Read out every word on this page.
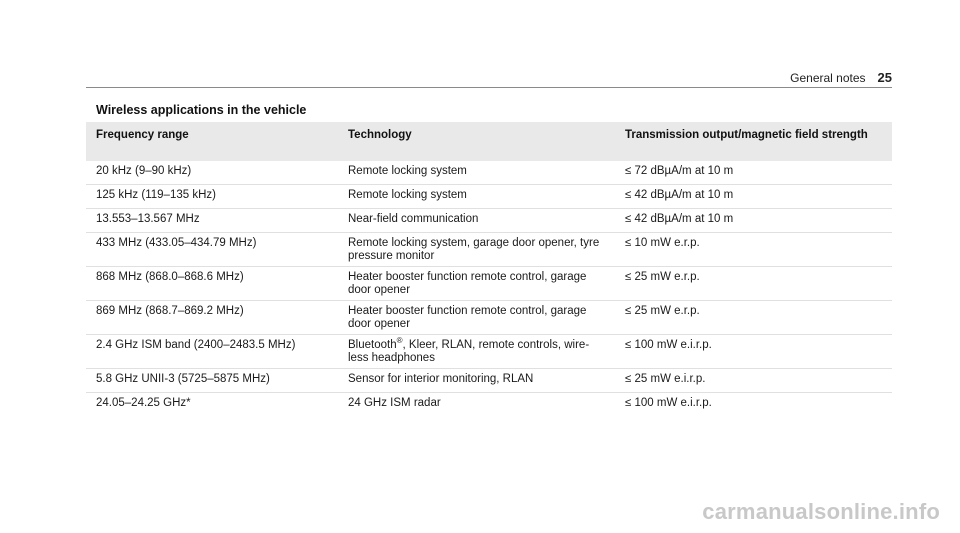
General notes 25
Wireless applications in the vehicle
Frequency range	Technology	Transmission output/magnetic field strength
20 kHz (9–90 kHz)	Remote locking system	≤ 72 dBµA/m at 10 m
125 kHz (119–135 kHz)	Remote locking system	≤ 42 dBµA/m at 10 m
13.553–13.567 MHz	Near-field communication	≤ 42 dBµA/m at 10 m
433 MHz (433.05–434.79 MHz)	Remote locking system, garage door opener, tyre pressure monitor	≤ 10 mW e.r.p.
868 MHz (868.0–868.6 MHz)	Heater booster function remote control, garage door opener	≤ 25 mW e.r.p.
869 MHz (868.7–869.2 MHz)	Heater booster function remote control, garage door opener	≤ 25 mW e.r.p.
2.4 GHz ISM band (2400–2483.5 MHz)	Bluetooth®, Kleer, RLAN, remote controls, wireless headphones	≤ 100 mW e.i.r.p.
5.8 GHz UNII-3 (5725–5875 MHz)	Sensor for interior monitoring, RLAN	≤ 25 mW e.i.r.p.
24.05–24.25 GHz*	24 GHz ISM radar	≤ 100 mW e.i.r.p.
carmanualsonline.info
